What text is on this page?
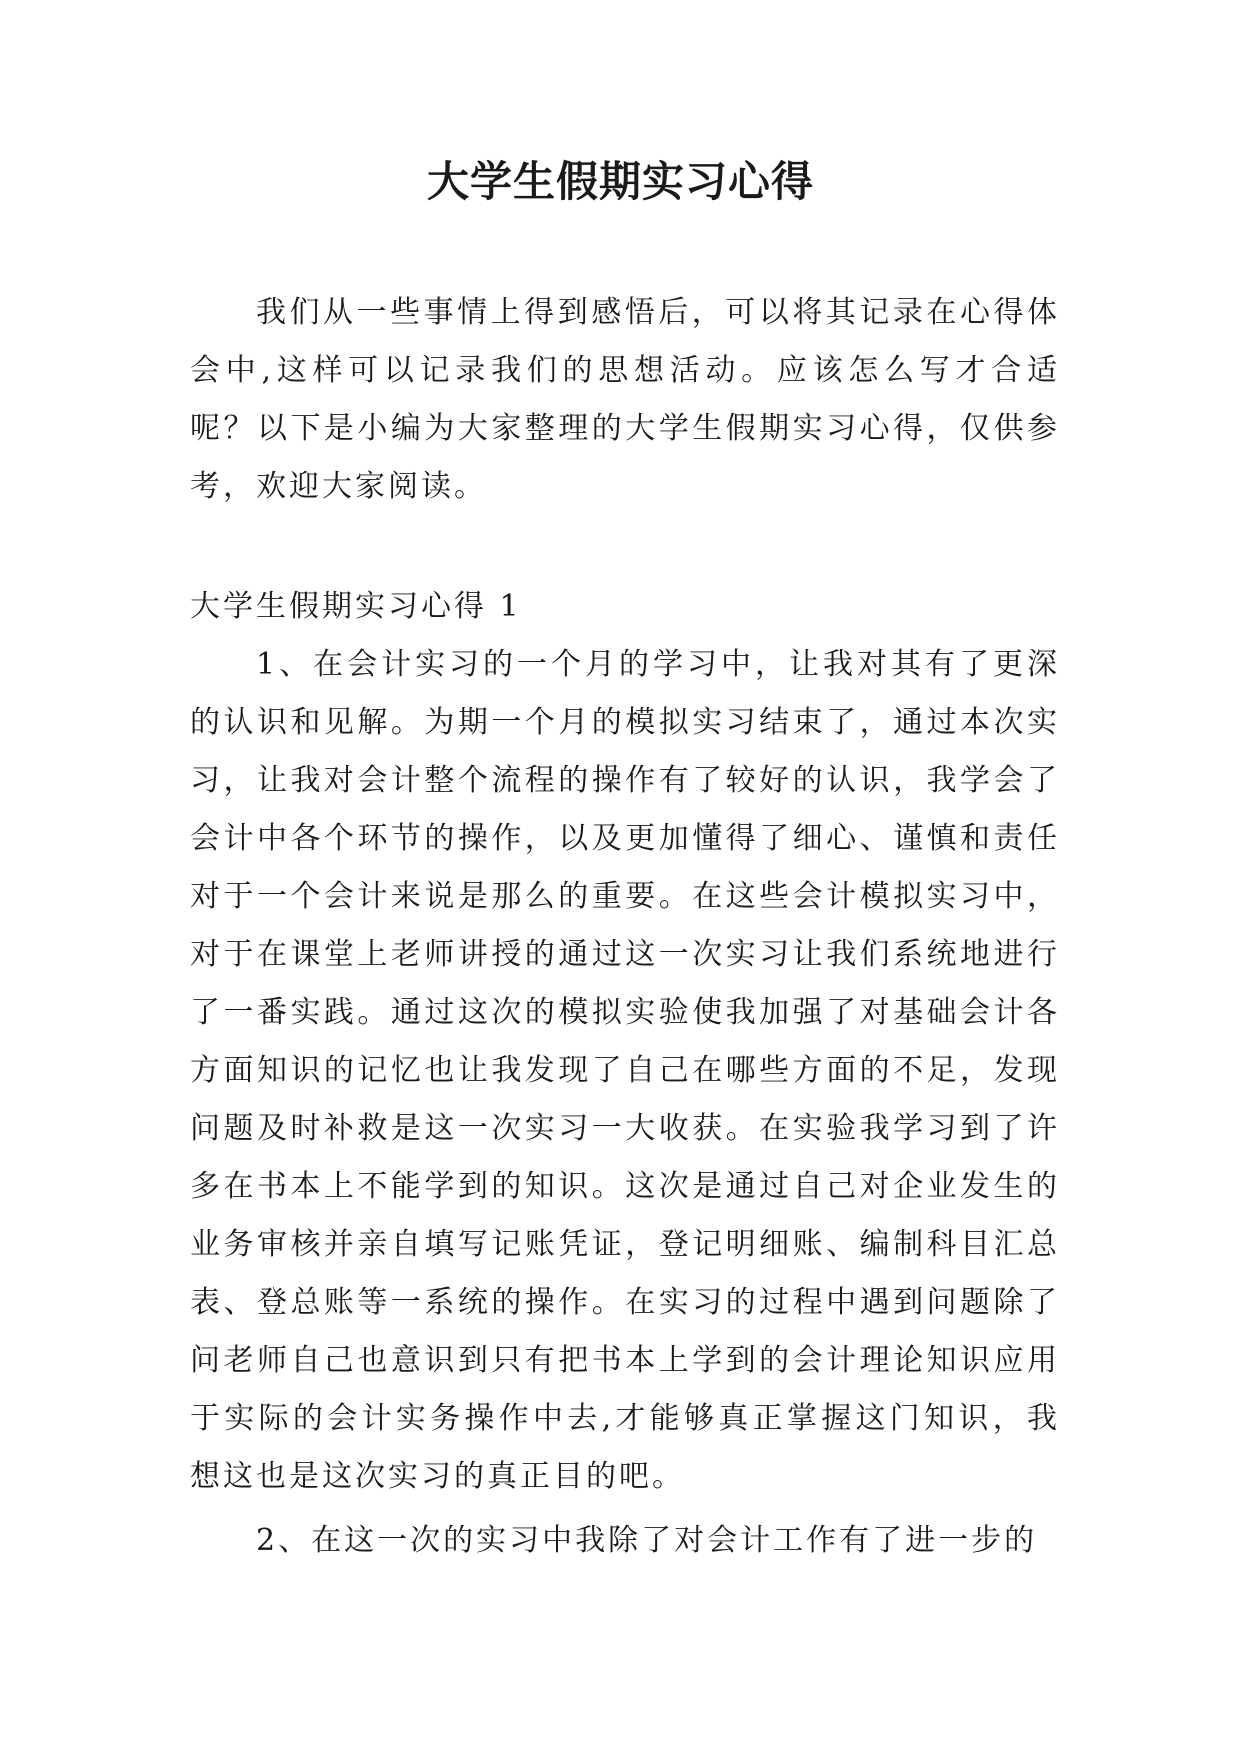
大学生假期实习心得

我们从一些事情上得到感悟后，可以将其记录在心得体会中,这样可以记录我们的思想活动。应该怎么写才合适呢？以下是小编为大家整理的大学生假期实习心得，仅供参考，欢迎大家阅读。

大学生假期实习心得 1

1、在会计实习的一个月的学习中，让我对其有了更深的认识和见解。为期一个月的模拟实习结束了，通过本次实习，让我对会计整个流程的操作有了较好的认识，我学会了会计中各个环节的操作，以及更加懂得了细心、谨慎和责任对于一个会计来说是那么的重要。在这些会计模拟实习中，对于在课堂上老师讲授的通过这一次实习让我们系统地进行了一番实践。通过这次的模拟实验使我加强了对基础会计各方面知识的记忆也让我发现了自己在哪些方面的不足，发现问题及时补救是这一次实习一大收获。在实验我学习到了许多在书本上不能学到的知识。这次是通过自己对企业发生的业务审核并亲自填写记账凭证，登记明细账、编制科目汇总表、登总账等一系统的操作。在实习的过程中遇到问题除了问老师自己也意识到只有把书本上学到的会计理论知识应用于实际的会计实务操作中去,才能够真正掌握这门知识，我想这也是这次实习的真正目的吧。

2、在这一次的实习中我除了对会计工作有了进一步的
